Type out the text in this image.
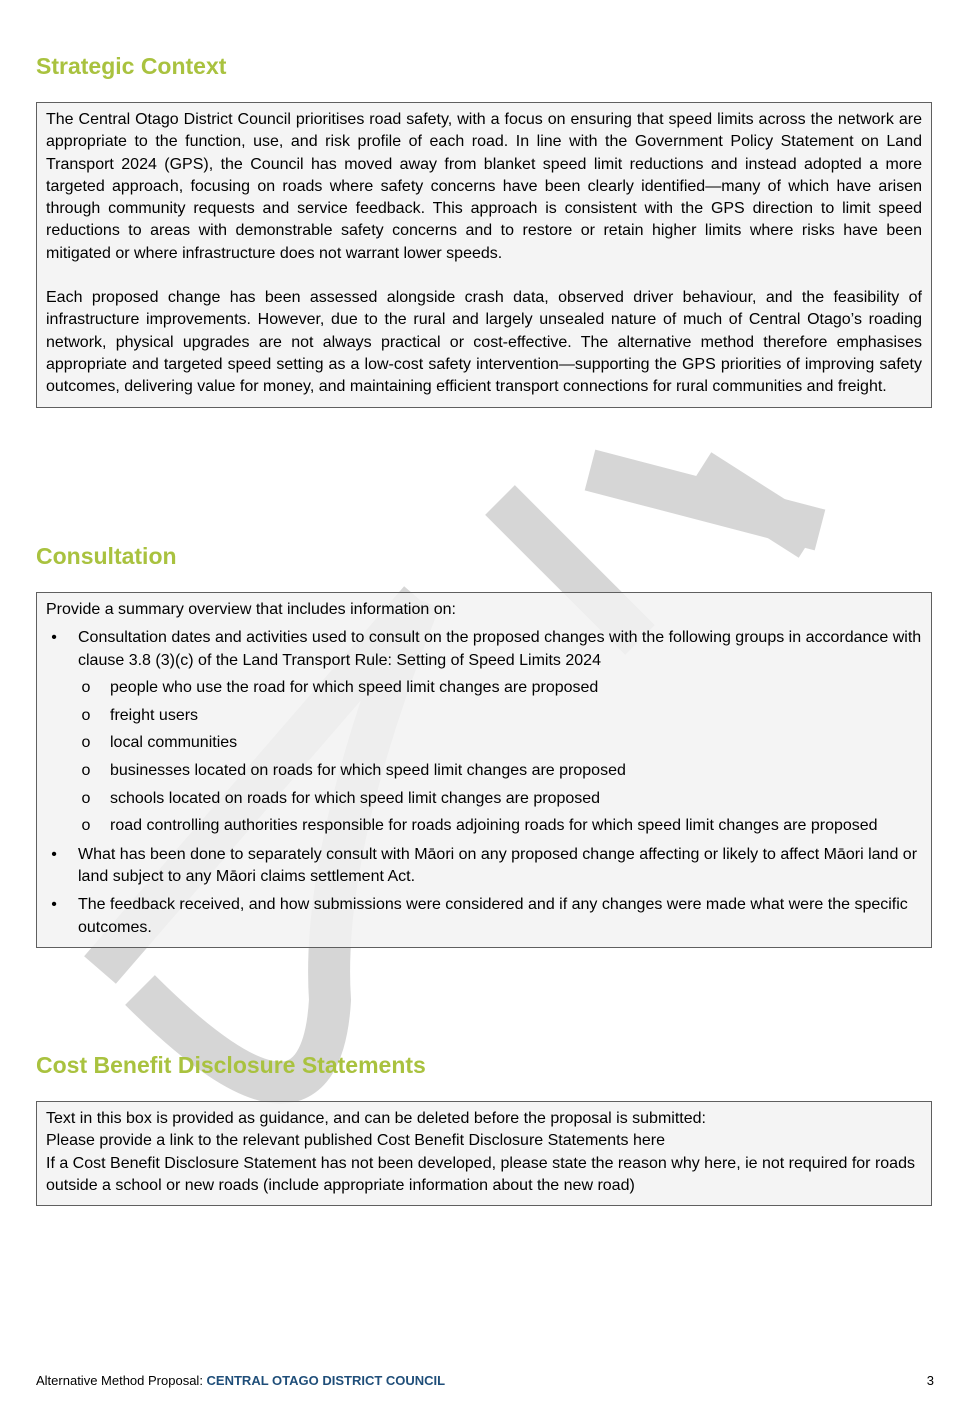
Strategic Context

The Central Otago District Council prioritises road safety, with a focus on ensuring that speed limits across the network are appropriate to the function, use, and risk profile of each road. In line with the Government Policy Statement on Land Transport 2024 (GPS), the Council has moved away from blanket speed limit reductions and instead adopted a more targeted approach, focusing on roads where safety concerns have been clearly identified—many of which have arisen through community requests and service feedback. This approach is consistent with the GPS direction to limit speed reductions to areas with demonstrable safety concerns and to restore or retain higher limits where risks have been mitigated or where infrastructure does not warrant lower speeds.

Each proposed change has been assessed alongside crash data, observed driver behaviour, and the feasibility of infrastructure improvements. However, due to the rural and largely unsealed nature of much of Central Otago’s roading network, physical upgrades are not always practical or cost-effective. The alternative method therefore emphasises appropriate and targeted speed setting as a low-cost safety intervention—supporting the GPS priorities of improving safety outcomes, delivering value for money, and maintaining efficient transport connections for rural communities and freight.

Consultation

Provide a summary overview that includes information on:

•	Consultation dates and activities used to consult on the proposed changes with the following groups in accordance with clause 3.8 (3)(c) of the Land Transport Rule: Setting of Speed Limits 2024
o people who use the road for which speed limit changes are proposed
o freight users
o local communities
o businesses located on roads for which speed limit changes are proposed
o schools located on roads for which speed limit changes are proposed
o road controlling authorities responsible for roads adjoining roads for which speed limit changes are proposed
•	What has been done to separately consult with Māori on any proposed change affecting or likely to affect Māori land or land subject to any Māori claims settlement Act.
•	The feedback received, and how submissions were considered and if any changes were made what were the specific outcomes.
Cost Benefit Disclosure Statements

Text in this box is provided as guidance, and can be deleted before the proposal is submitted:

Please provide a link to the relevant published Cost Benefit Disclosure Statements here

If a Cost Benefit Disclosure Statement has not been developed, please state the reason why here, ie not required for roads outside a school or new roads (include appropriate information about the new road)

Alternative Method Proposal: CENTRAL OTAGO DISTRICT COUNCIL	3
